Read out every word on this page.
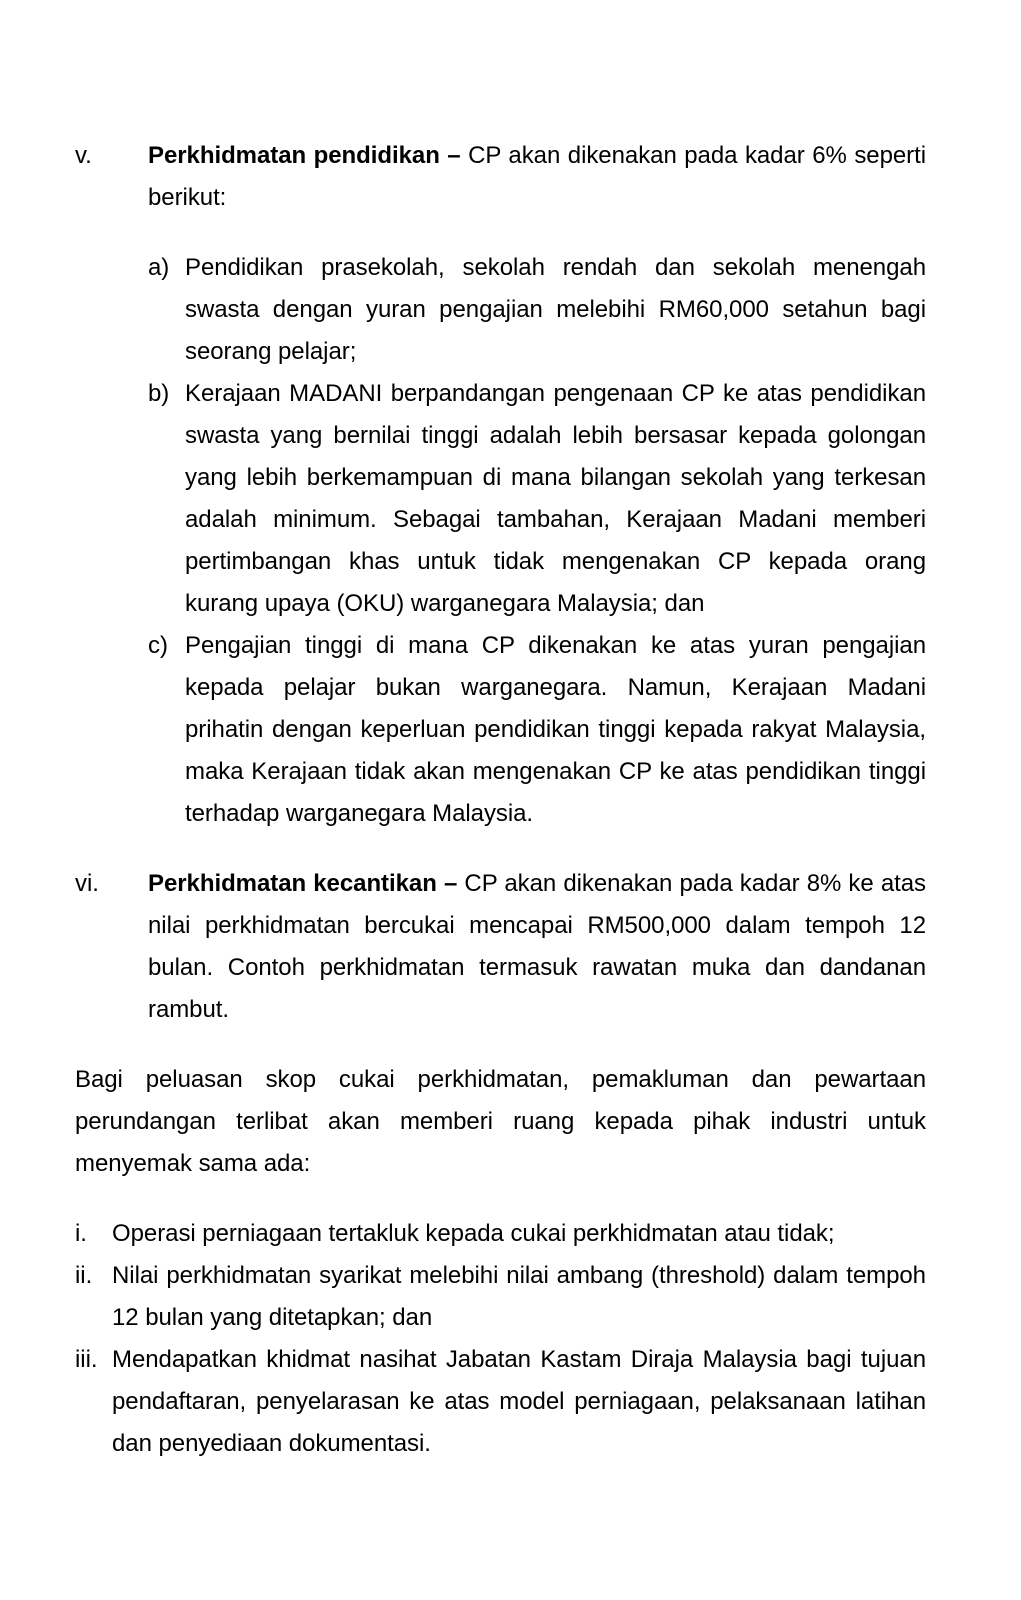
v. Perkhidmatan pendidikan – CP akan dikenakan pada kadar 6% seperti
berikut:
a) Pendidikan prasekolah, sekolah rendah dan sekolah menengah
swasta dengan yuran pengajian melebihi RM60,000 setahun bagi
seorang pelajar;
b) Kerajaan MADANI berpandangan pengenaan CP ke atas pendidikan
swasta yang bernilai tinggi adalah lebih bersasar kepada golongan
yang lebih berkemampuan di mana bilangan sekolah yang terkesan
adalah minimum. Sebagai tambahan, Kerajaan Madani memberi
pertimbangan khas untuk tidak mengenakan CP kepada orang
kurang upaya (OKU) warganegara Malaysia; dan
c) Pengajian tinggi di mana CP dikenakan ke atas yuran pengajian
kepada pelajar bukan warganegara. Namun, Kerajaan Madani
prihatin dengan keperluan pendidikan tinggi kepada rakyat Malaysia,
maka Kerajaan tidak akan mengenakan CP ke atas pendidikan tinggi
terhadap warganegara Malaysia.
vi. Perkhidmatan kecantikan – CP akan dikenakan pada kadar 8% ke atas
nilai perkhidmatan bercukai mencapai RM500,000 dalam tempoh 12
bulan. Contoh perkhidmatan termasuk rawatan muka dan dandanan
rambut.
Bagi peluasan skop cukai perkhidmatan, pemakluman dan pewartaan
perundangan terlibat akan memberi ruang kepada pihak industri untuk
menyemak sama ada:
i. Operasi perniagaan tertakluk kepada cukai perkhidmatan atau tidak;
ii. Nilai perkhidmatan syarikat melebihi nilai ambang (threshold) dalam tempoh
12 bulan yang ditetapkan; dan
iii. Mendapatkan khidmat nasihat Jabatan Kastam Diraja Malaysia bagi tujuan
pendaftaran, penyelarasan ke atas model perniagaan, pelaksanaan latihan
dan penyediaan dokumentasi.
